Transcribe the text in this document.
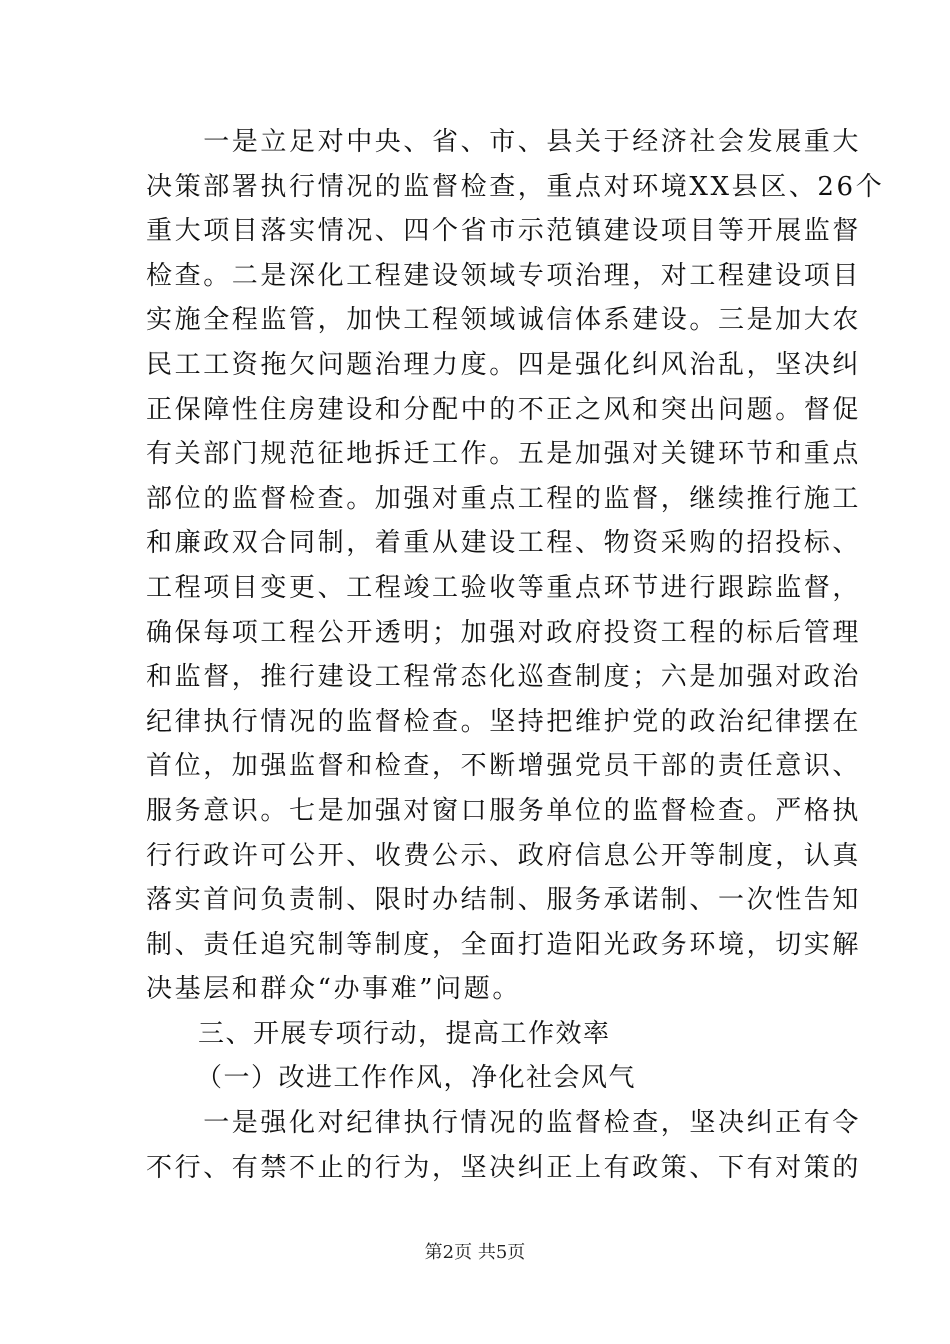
　　一是立足对中央、省、市、县关于经济社会发展重大
决策部署执行情况的监督检查，重点对环境XX县区、26个
重大项目落实情况、四个省市示范镇建设项目等开展监督
检查。二是深化工程建设领域专项治理，对工程建设项目
实施全程监管，加快工程领域诚信体系建设。三是加大农
民工工资拖欠问题治理力度。四是强化纠风治乱，坚决纠
正保障性住房建设和分配中的不正之风和突出问题。督促
有关部门规范征地拆迁工作。五是加强对关键环节和重点
部位的监督检查。加强对重点工程的监督，继续推行施工
和廉政双合同制，着重从建设工程、物资采购的招投标、
工程项目变更、工程竣工验收等重点环节进行跟踪监督，
确保每项工程公开透明；加强对政府投资工程的标后管理
和监督，推行建设工程常态化巡查制度；六是加强对政治
纪律执行情况的监督检查。坚持把维护党的政治纪律摆在
首位，加强监督和检查，不断增强党员干部的责任意识、
服务意识。七是加强对窗口服务单位的监督检查。严格执
行行政许可公开、收费公示、政府信息公开等制度，认真
落实首问负责制、限时办结制、服务承诺制、一次性告知
制、责任追究制等制度，全面打造阳光政务环境，切实解
决基层和群众“办事难”问题。
三、开展专项行动，提高工作效率
（一）改进工作作风，净化社会风气
　　一是强化对纪律执行情况的监督检查，坚决纠正有令
不行、有禁不止的行为，坚决纠正上有政策、下有对策的
第2页 共5页
